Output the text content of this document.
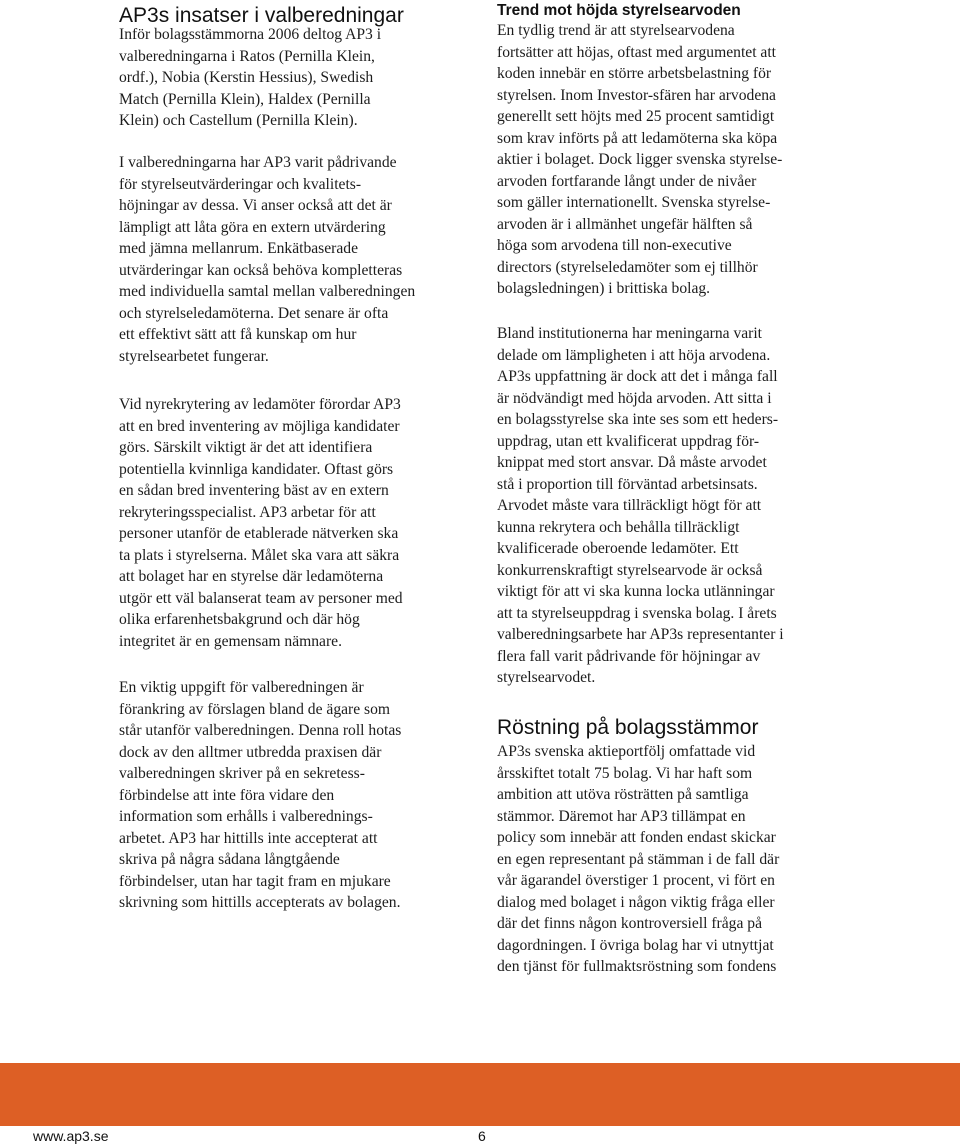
AP3s insatser i valberedningar
Inför bolagsstämmorna 2006 deltog AP3 i
valberedningarna i Ratos (Pernilla Klein,
ordf.), Nobia (Kerstin Hessius), Swedish
Match (Pernilla Klein), Haldex (Pernilla
Klein) och Castellum (Pernilla Klein).
I valberedningarna har AP3 varit pådrivande
för styrelseutvärderingar och kvalitets-
höjningar av dessa. Vi anser också att det är
lämpligt att låta göra en extern utvärdering
med jämna mellanrum. Enkätbaserade
utvärderingar kan också behöva kompletteras
med individuella samtal mellan valberedningen
och styrelseledamöterna. Det senare är ofta
ett effektivt sätt att få kunskap om hur
styrelsearbetet fungerar.
Vid nyrekrytering av ledamöter förordar AP3
att en bred inventering av möjliga kandidater
görs. Särskilt viktigt är det att identifiera
potentiella kvinnliga kandidater. Oftast görs
en sådan bred inventering bäst av en extern
rekryteringsspecialist. AP3 arbetar för att
personer utanför de etablerade nätverken ska
ta plats i styrelserna. Målet ska vara att säkra
att bolaget har en styrelse där ledamöterna
utgör ett väl balanserat team av personer med
olika erfarenhetsbakgrund och där hög
integritet är en gemensam nämnare.
En viktig uppgift för valberedningen är
förankring av förslagen bland de ägare som
står utanför valberedningen. Denna roll hotas
dock av den alltmer utbredda praxisen där
valberedningen skriver på en sekretess-
förbindelse att inte föra vidare den
information som erhålls i valberednings-
arbetet. AP3 har hittills inte accepterat att
skriva på några sådana långtgående
förbindelser, utan har tagit fram en mjukare
skrivning som hittills accepterats av bolagen.
Trend mot höjda styrelsearvoden
En tydlig trend är att styrelsearvodena
fortsätter att höjas, oftast med argumentet att
koden innebär en större arbetsbelastning för
styrelsen. Inom Investor-sfären har arvodena
generellt sett höjts med 25 procent samtidigt
som krav införts på att ledamöterna ska köpa
aktier i bolaget. Dock ligger svenska styrelse-
arvoden fortfarande långt under de nivåer
som gäller internationellt. Svenska styrelse-
arvoden är i allmänhet ungefär hälften så
höga som arvodena till non-executive
directors (styrelseledamöter som ej tillhör
bolagsledningen) i brittiska bolag.
Bland institutionerna har meningarna varit
delade om lämpligheten i att höja arvodena.
AP3s uppfattning är dock att det i många fall
är nödvändigt med höjda arvoden. Att sitta i
en bolagsstyrelse ska inte ses som ett heders-
uppdrag, utan ett kvalificerat uppdrag för-
knippat med stort ansvar. Då måste arvodet
stå i proportion till förväntad arbetsinsats.
Arvodet måste vara tillräckligt högt för att
kunna rekrytera och behålla tillräckligt
kvalificerade oberoende ledamöter. Ett
konkurrenskraftigt styrelsearvode är också
viktigt för att vi ska kunna locka utlänningar
att ta styrelseuppdrag i svenska bolag. I årets
valberedningsarbete har AP3s representanter i
flera fall varit pådrivande för höjningar av
styrelsearvodet.
Röstning på bolagsstämmor
AP3s svenska aktieportfölj omfattade vid
årsskiftet totalt 75 bolag. Vi har haft som
ambition att utöva rösträtten på samtliga
stämmor. Däremot har AP3 tillämpat en
policy som innebär att fonden endast skickar
en egen representant på stämman i de fall där
vår ägarandel överstiger 1 procent, vi fört en
dialog med bolaget i någon viktig fråga eller
där det finns någon kontroversiell fråga på
dagordningen. I övriga bolag har vi utnyttjat
den tjänst för fullmaktsröstning som fondens
www.ap3.se	6
